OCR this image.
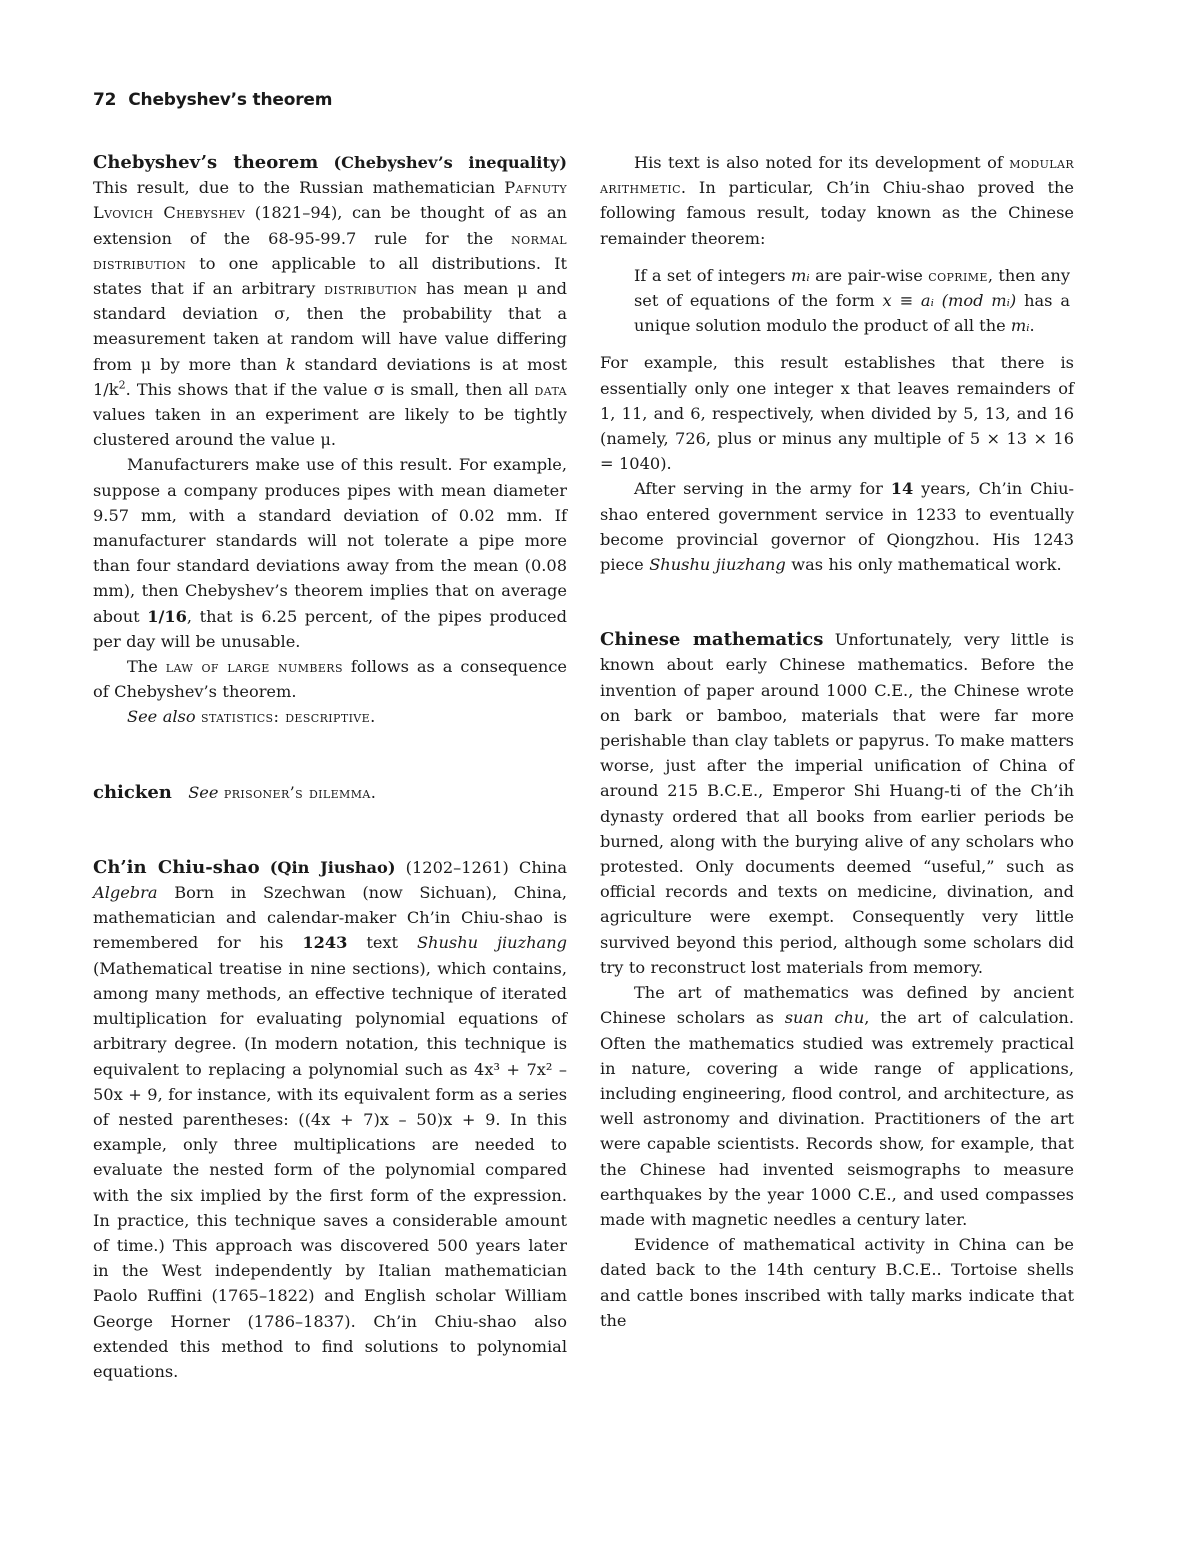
72 Chebyshev’s theorem

Chebyshev’s theorem (Chebyshev’s inequality) This result, due to the Russian mathematician Pafnuty Lvovich Chebyshev (1821–94), can be thought of as an extension of the 68-95-99.7 rule for the normal distribution to one applicable to all distributions. It states that if an arbitrary distribution has mean μ and standard deviation σ, then the probability that a measurement taken at random will have value differing from μ by more than k standard deviations is at most $1/k^2$. This shows that if the value σ is small, then all data values taken in an experiment are likely to be tightly clustered around the value μ.

Manufacturers make use of this result. For example, suppose a company produces pipes with mean diameter 9.57 mm, with a standard deviation of 0.02 mm. If manufacturer standards will not tolerate a pipe more than four standard deviations away from the mean (0.08 mm), then Chebyshev’s theorem implies that on average about 1/16, that is 6.25 percent, of the pipes produced per day will be unusable.

The law of large numbers follows as a consequence of Chebyshev’s theorem.

See also statistics: descriptive.

chicken See prisoner’s dilemma.

Ch’in Chiu-shao (Qin Jiushao) (1202–1261) China Algebra Born in Szechwan (now Sichuan), China, mathematician and calendar-maker Ch’in Chiu-shao is remembered for his 1243 text Shushu jiuzhang (Mathematical treatise in nine sections), which contains, among many methods, an effective technique of iterated multiplication for evaluating polynomial equations of arbitrary degree. (In modern notation, this technique is equivalent to replacing a polynomial such as 4x³ + 7x² – 50x + 9, for instance, with its equivalent form as a series of nested parentheses: ((4x + 7)x – 50)x + 9. In this example, only three multiplications are needed to evaluate the nested form of the polynomial compared with the six implied by the first form of the expression. In practice, this technique saves a considerable amount of time.) This approach was discovered 500 years later in the West independently by Italian mathematician Paolo Ruffini (1765–1822) and English scholar William George Horner (1786–1837). Ch’in Chiu-shao also extended this method to find solutions to polynomial equations.

His text is also noted for its development of modular arithmetic. In particular, Ch’in Chiu-shao proved the following famous result, today known as the Chinese remainder theorem:

If a set of integers mᵢ are pair-wise coprime, then any set of equations of the form x ≡ aᵢ (mod mᵢ) has a unique solution modulo the product of all the mᵢ.

For example, this result establishes that there is essentially only one integer x that leaves remainders of 1, 11, and 6, respectively, when divided by 5, 13, and 16 (namely, 726, plus or minus any multiple of 5 × 13 × 16 = 1040).

After serving in the army for 14 years, Ch’in Chiu-shao entered government service in 1233 to eventually become provincial governor of Qiongzhou. His 1243 piece Shushu jiuzhang was his only mathematical work.

Chinese mathematics Unfortunately, very little is known about early Chinese mathematics. Before the invention of paper around 1000 C.E., the Chinese wrote on bark or bamboo, materials that were far more perishable than clay tablets or papyrus. To make matters worse, just after the imperial unification of China of around 215 B.C.E., Emperor Shi Huang-ti of the Ch’ih dynasty ordered that all books from earlier periods be burned, along with the burying alive of any scholars who protested. Only documents deemed “useful,” such as official records and texts on medicine, divination, and agriculture were exempt. Consequently very little survived beyond this period, although some scholars did try to reconstruct lost materials from memory.

The art of mathematics was defined by ancient Chinese scholars as suan chu, the art of calculation. Often the mathematics studied was extremely practical in nature, covering a wide range of applications, including engineering, flood control, and architecture, as well astronomy and divination. Practitioners of the art were capable scientists. Records show, for example, that the Chinese had invented seismographs to measure earthquakes by the year 1000 C.E., and used compasses made with magnetic needles a century later.

Evidence of mathematical activity in China can be dated back to the 14th century B.C.E.. Tortoise shells and cattle bones inscribed with tally marks indicate that the
